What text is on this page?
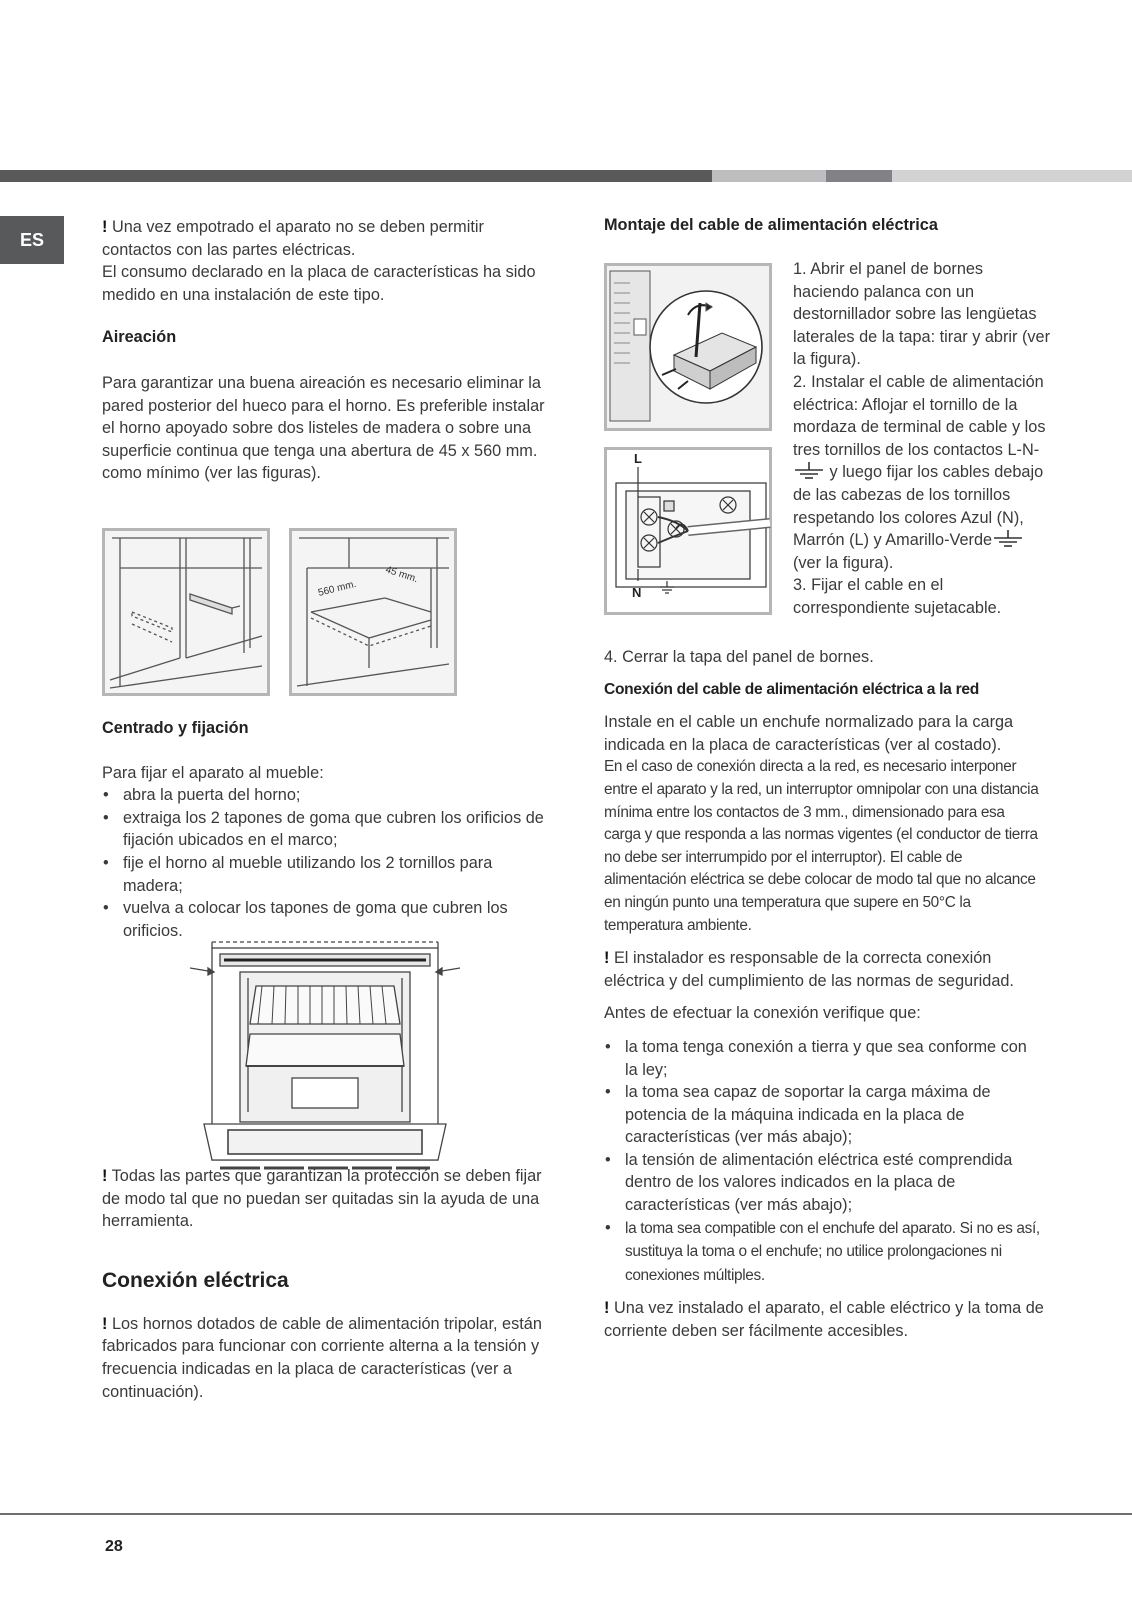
ES

! Una vez empotrado el aparato no se deben permitir contactos con las partes eléctricas.

El consumo declarado en la placa de características ha sido medido en una instalación de este tipo.

Aireación

Para garantizar una buena aireación es necesario eliminar la pared posterior del hueco para el horno. Es preferible instalar el horno apoyado sobre dos listeles de madera o sobre una superficie continua que tenga una abertura de 45 x 560 mm. como mínimo (ver las figuras).

560 mm.
45 mm.

Centrado y fijación

Para fijar el aparato al mueble:

• abra la puerta del horno;
• extraiga los 2 tapones de goma que cubren los orificios de fijación ubicados en el marco;
• fije el horno al mueble utilizando los 2 tornillos para madera;
• vuelva a colocar los tapones de goma que cubren los orificios.

! Todas las partes que garantizan la protección se deben fijar de modo tal que no puedan ser quitadas sin la ayuda de una herramienta.

Conexión eléctrica

! Los hornos dotados de cable de alimentación tripolar, están fabricados para funcionar con corriente alterna a la tensión y frecuencia indicadas en la placa de características (ver a continuación).

Montaje del cable de alimentación eléctrica
L
N

1. Abrir el panel de bornes haciendo palanca con un destornillador sobre las lengüetas laterales de la tapa: tirar y abrir (ver la figura).

2. Instalar el cable de alimentación eléctrica: Aflojar el tornillo de la mordaza de terminal de cable y los tres tornillos de los contactos L-N-
y luego fijar los cables debajo de las cabezas de los tornillos respetando los colores Azul (N), Marrón (L) y Amarillo-Verde (ver la figura).

3. Fijar el cable en el correspondiente sujetacable.

4. Cerrar la tapa del panel de bornes.

Conexión del cable de alimentación eléctrica a la red

Instale en el cable un enchufe normalizado para la carga indicada en la placa de características (ver al costado).

En el caso de conexión directa a la red, es necesario interponer entre el aparato y la red, un interruptor omnipolar con una distancia mínima entre los contactos de 3 mm., dimensionado para esa carga y que responda a las normas vigentes (el conductor de tierra no debe ser interrumpido por el interruptor). El cable de alimentación eléctrica se debe colocar de modo tal que no alcance en ningún punto una temperatura que supere en 50°C la temperatura ambiente.

! El instalador es responsable de la correcta conexión eléctrica y del cumplimiento de las normas de seguridad.

Antes de efectuar la conexión verifique que:

• la toma tenga conexión a tierra y que sea conforme con la ley;
• la toma sea capaz de soportar la carga máxima de potencia de la máquina indicada en la placa de características (ver más abajo);
• la tensión de alimentación eléctrica esté comprendida dentro de los valores indicados en la placa de características (ver más abajo);
• la toma sea compatible con el enchufe del aparato. Si no es así, sustituya la toma o el enchufe; no utilice prolongaciones ni conexiones múltiples.

! Una vez instalado el aparato, el cable eléctrico y la toma de corriente deben ser fácilmente accesibles.

28
